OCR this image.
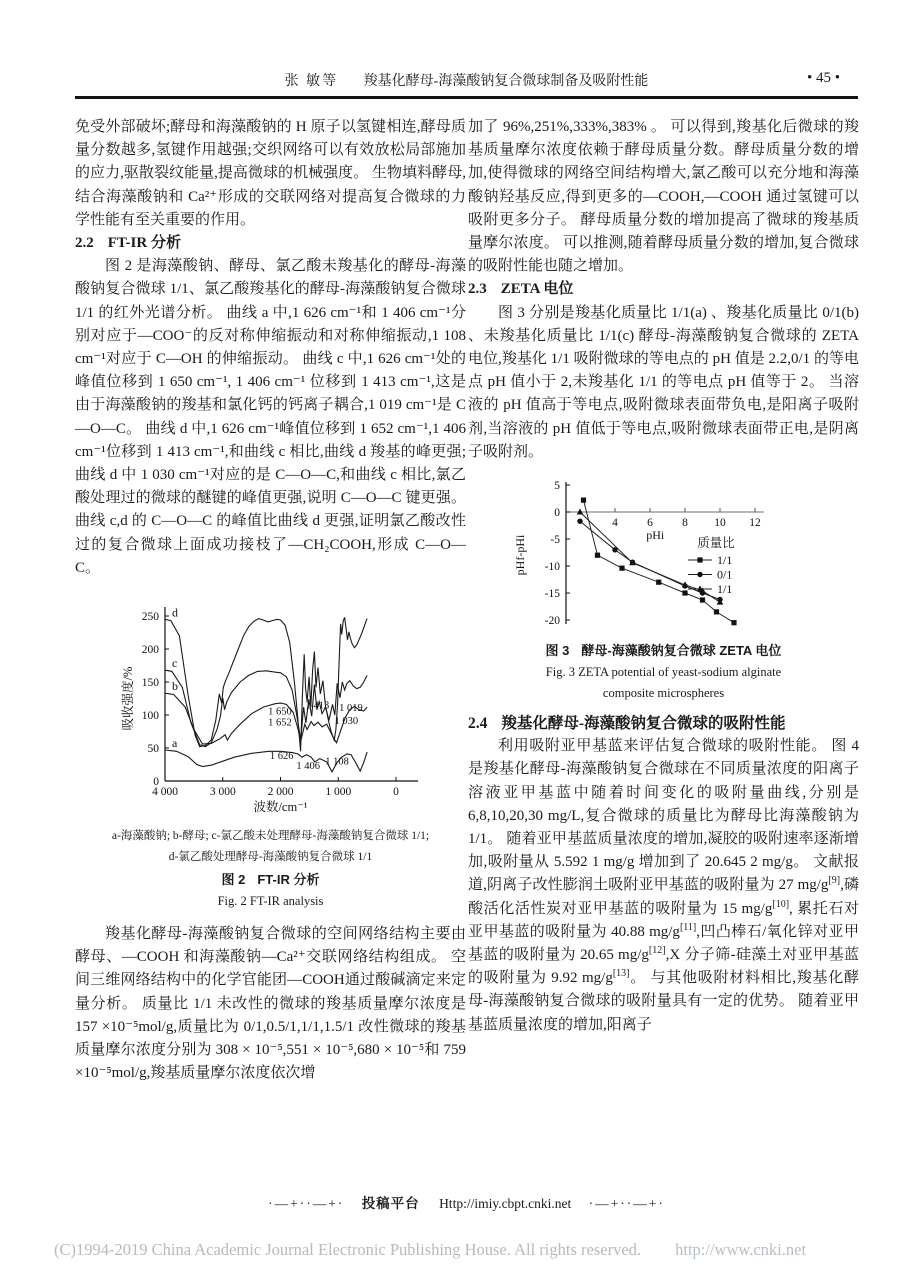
张 敏等 羧基化酵母-海藻酸钠复合微球制备及吸附性能	• 45 •

免受外部破坏;酵母和海藻酸钠的 H 原子以氢键相连,酵母质量分数越多,氢键作用越强;交织网络可以有效放松局部施加的应力,驱散裂纹能量,提高微球的机械强度。 生物填料酵母,结合海藻酸钠和 Ca²⁺形成的交联网络对提高复合微球的力学性能有至关重要的作用。

2.2 FT-IR 分析

图 2 是海藻酸钠、酵母、氯乙酸未羧基化的酵母-海藻酸钠复合微球 1/1、氯乙酸羧基化的酵母-海藻酸钠复合微球 1/1 的红外光谱分析。 曲线 a 中,1 626 cm⁻¹和 1 406 cm⁻¹分别对应于—COO⁻的反对称伸缩振动和对称伸缩振动,1 108 cm⁻¹对应于 C—OH 的伸缩振动。 曲线 c 中,1 626 cm⁻¹处的峰值位移到 1 650 cm⁻¹, 1 406 cm⁻¹ 位移到 1 413 cm⁻¹,这是由于海藻酸钠的羧基和氯化钙的钙离子耦合,1 019 cm⁻¹是 C—O—C。 曲线 d 中,1 626 cm⁻¹峰值位移到 1 652 cm⁻¹,1 406 cm⁻¹位移到 1 413 cm⁻¹,和曲线 c 相比,曲线 d 羧基的峰更强;曲线 d 中 1 030 cm⁻¹对应的是 C—O—C,和曲线 c 相比,氯乙酸处理过的微球的醚键的峰值更强,说明 C—O—C 键更强。 曲线 c,d 的 C—O—C 的峰值比曲线 d 更强,证明氯乙酸改性过的复合微球上面成功接枝了—CH₂COOH,形成 C—O—C。

4 000	3 000	2 000	1 000	0
0
50
100
150
200
250
波数/cm⁻¹
吸收强度/%
a
b
c
d
1 650
1 652
1 413 1 019
1 030
1 626
1 406 1 108
a-海藻酸钠; b-酵母; c-氯乙酸未处理酵母-海藻酸钠复合微球 1/1;
d-氯乙酸处理酵母-海藻酸钠复合微球 1/1
图 2 FT-IR 分析
Fig. 2 FT-IR analysis

羧基化酵母-海藻酸钠复合微球的空间网络结构主要由酵母、—COOH 和海藻酸钠—Ca²⁺交联网络结构组成。 空间三维网络结构中的化学官能团—COOH通过酸碱滴定来定量分析。 质量比 1/1 未改性的微球的羧基质量摩尔浓度是 157 ×10⁻⁵mol/g,质量比为 0/1,0.5/1,1/1,1.5/1 改性微球的羧基质量摩尔浓度分别为 308 × 10⁻⁵,551 × 10⁻⁵,680 × 10⁻⁵和 759 ×10⁻⁵mol/g,羧基质量摩尔浓度依次增

加了 96%,251%,333%,383% 。 可以得到,羧基化后微球的羧基质量摩尔浓度依赖于酵母质量分数。酵母质量分数的增加,使得微球的网络空间结构增大,氯乙酸可以充分地和海藻酸钠羟基反应,得到更多的—COOH,—COOH 通过氢键可以吸附更多分子。 酵母质量分数的增加提高了微球的羧基质量摩尔浓度。 可以推测,随着酵母质量分数的增加,复合微球的吸附性能也随之增加。

2.3 ZETA 电位

图 3 分别是羧基化质量比 1/1(a) 、羧基化质量比 0/1(b) 、未羧基化质量比 1/1(c) 酵母-海藻酸钠复合微球的 ZETA 电位,羧基化 1/1 吸附微球的等电点的 pH 值是 2.2,0/1 的等电点 pH 值小于 2,未羧基化 1/1 的等电点 pH 值等于 2。 当溶液的 pH 值高于等电点,吸附微球表面带负电,是阳离子吸附剂,当溶液的 pH 值低于等电点,吸附微球表面带正电,是阴离子吸附剂。

4	6	8 10 12
5
0
-5
-10
-15
-20
pHi
pHf-pHi	质量比
1/1
0/1
1/1
图 3 酵母-海藻酸钠复合微球 ZETA 电位
Fig. 3 ZETA potential of yeast-sodium alginate
composite microspheres

2.4 羧基化酵母-海藻酸钠复合微球的吸附性能

利用吸附亚甲基蓝来评估复合微球的吸附性能。 图 4 是羧基化酵母-海藻酸钠复合微球在不同质量浓度的阳离子溶液亚甲基蓝中随着时间变化的吸附量曲线,分别是 6,8,10,20,30 mg/L,复合微球的质量比为酵母比海藻酸钠为 1/1。 随着亚甲基蓝质量浓度的增加,凝胶的吸附速率逐渐增加,吸附量从 5.592 1 mg/g 增加到了 20.645 2 mg/g。 文献报道,阴离子改性膨润土吸附亚甲基蓝的吸附量为 27 mg/g[9],磷酸活化活性炭对亚甲基蓝的吸附量为 15 mg/g[10], 累托石对亚甲基蓝的吸附量为 40.88 mg/g[11],凹凸棒石/氧化锌对亚甲基蓝的吸附量为 20.65 mg/g[12],X 分子筛-硅藻土对亚甲基蓝的吸附量为 9.92 mg/g[13]。 与其他吸附材料相比,羧基化酵母-海藻酸钠复合微球的吸附量具有一定的优势。 随着亚甲基蓝质量浓度的增加,阳离子

·—+··—+· 投稿平台 Http://imiy.cbpt.cnki.net ·—+··—+·
(C)1994-2019 China Academic Journal Electronic Publishing House. All rights reserved. http://www.cnki.net
